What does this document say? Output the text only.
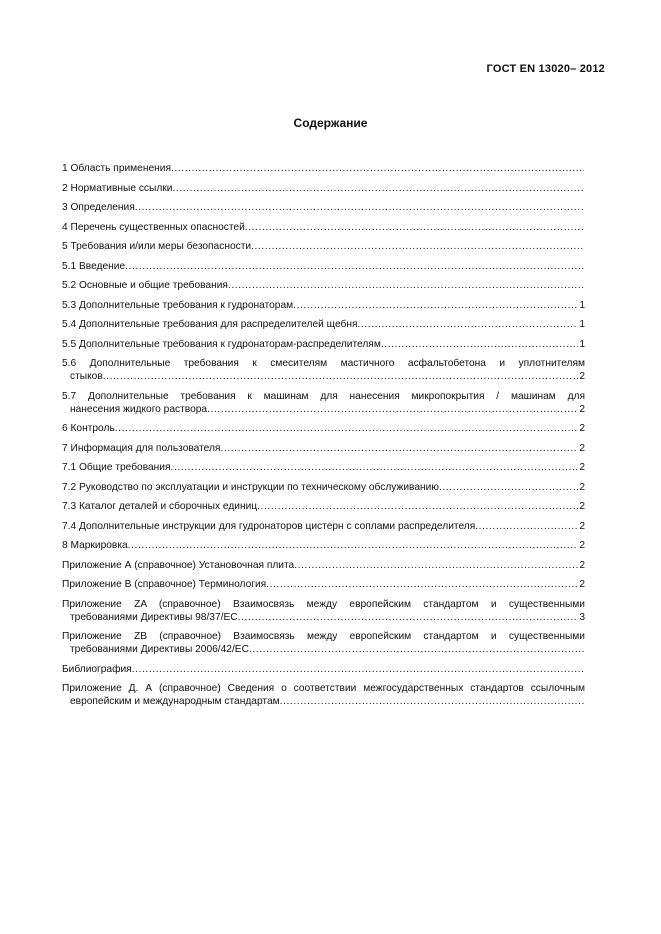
ГОСТ EN 13020– 2012
Содержание
1 Область применения
.....
2 Нормативные ссылки
.....
3 Определения
.....
4 Перечень существенных опасностей
.....
5 Требования и/или меры безопасности
.....
5.1 Введение
.....
5.2 Основные и общие требования
.....
5.3 Дополнительные требования к гудронаторам .....	1
5.4 Дополнительные требования для распределителей щебня .....	1
5.5 Дополнительные требования к гудронаторам-распределителям .....	1
5.6 Дополнительные требования к смесителям мастичного асфальтобетона и уплотнителям
стыков .....	2
5.7 Дополнительные требования к машинам для нанесения микропокрытия / машинам для
нанесения жидкого раствора .....	2
6 Контроль .....	2
7 Информация для пользователя .....	2
7.1 Общие требования .....	2
7.2 Руководство по эксплуатации и инструкции по техническому обслуживанию .....	2
7.3 Каталог деталей и сборочных единиц .....	2
7.4 Дополнительные инструкции для гудронаторов цистерн с соплами распределителя .....	2
8 Маркировка .....	2
Приложение А (справочное) Установочная плита .....	2
Приложение В (справочное) Терминология .....	2
Приложение ZA (справочное) Взаимосвязь между европейским стандартом и существенными
требованиями Директивы 98/37/ЕС .....	3
Приложение ZB (справочное) Взаимосвязь между европейским стандартом и существенными
требованиями Директивы 2006/42/ЕС
.....
Библиография
.....
Приложение Д. А (справочное) Сведения о соответствии межгосударственных стандартов ссылочным
европейским и международным стандартам
.....
